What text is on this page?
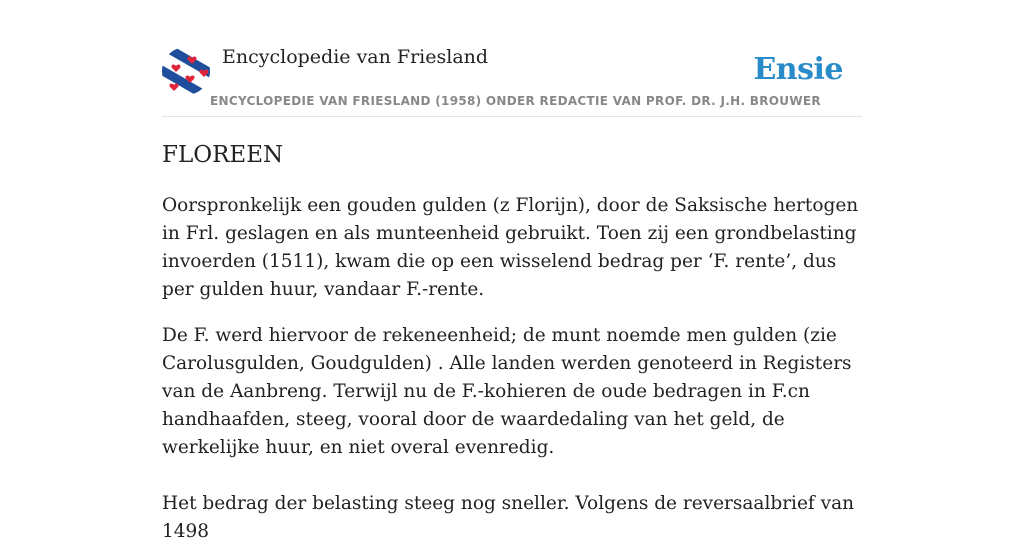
Encyclopedie van Friesland	Ensie
ENCYCLOPEDIE VAN FRIESLAND (1958) ONDER REDACTIE VAN PROF. DR. J.H. BROUWER
FLOREEN

Oorspronkelijk een gouden gulden (z Florijn), door de Saksische hertogen in Frl. geslagen en als munteenheid gebruikt. Toen zij een grondbelasting invoerden (1511), kwam die op een wisselend bedrag per ‘F. rente’, dus per gulden huur, vandaar F.-rente.

De F. werd hiervoor de rekeneenheid; de munt noemde men gulden (zie Carolusgulden, Goudgulden) . Alle landen werden genoteerd in Registers van de Aanbreng. Terwijl nu de F.-kohieren de oude bedragen in F.cn handhaafden, steeg, vooral door de waardedaling van het geld, de werkelijke huur, en niet overal evenredig.

Het bedrag der belasting steeg nog sneller. Volgens de reversaalbrief van 1498
